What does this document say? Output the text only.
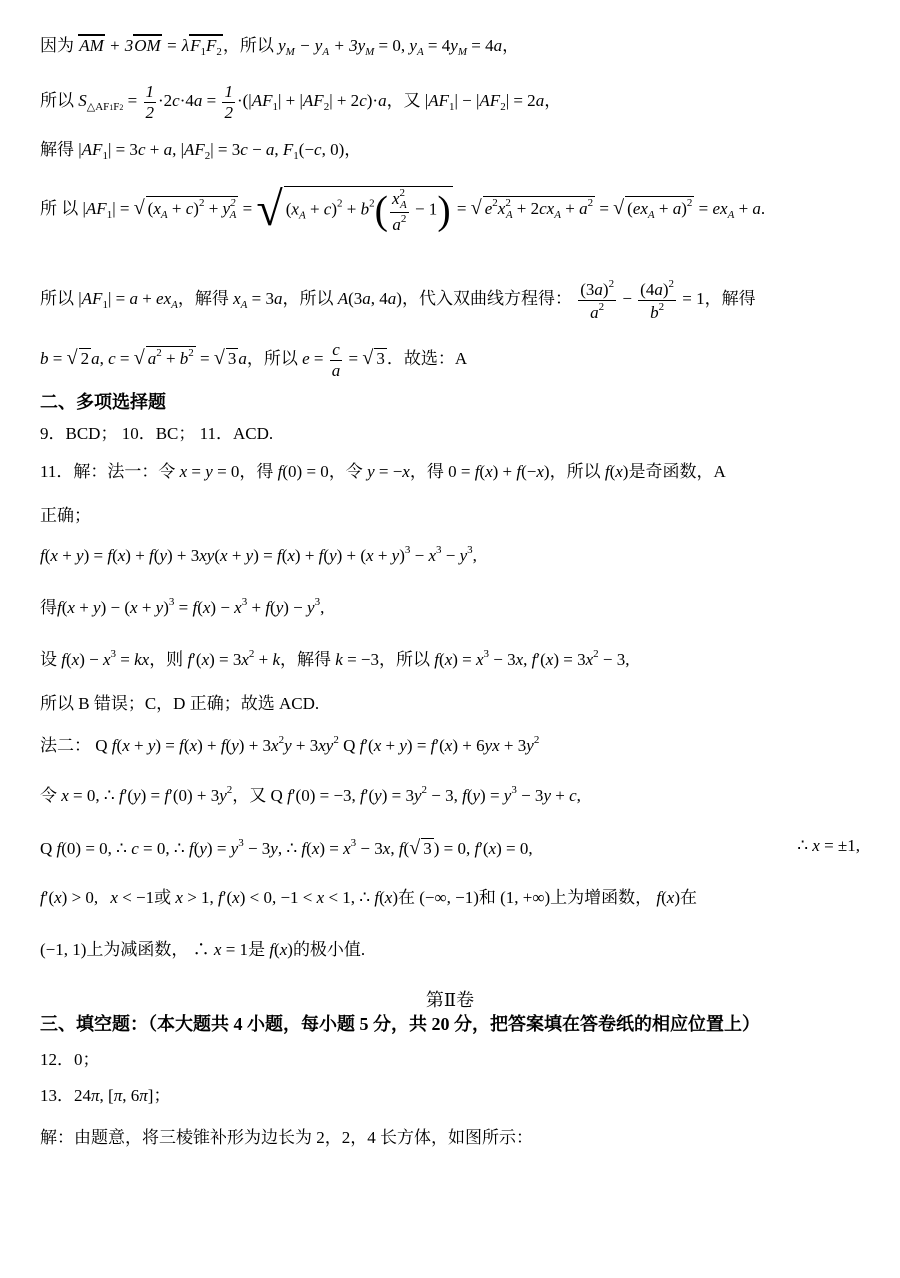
因为 AM + $3OM = \lambda F_1F_2$，所以 $y_M - y_A + 3y_M = 0$, $y_A = 4y_M = 4a$，
所以 $S_{\triangle AF1F2} = \frac{1}{2} \cdot 2c\cdot 4a = \frac{1}{2} \cdot(|AF_1| + |AF_2| + 2c)\cdot a$，又 $|AF_1| - |AF_2| = 2a$，
解得 $|AF_1| = 3c + a$, $|AF_2| = 3c - a$, $F_1(-c$, 0)，
所 以 $|AF_1|$ = √ $(x_A + c)^2 + y^2_A$ = √ $(x_A + c)^2 + b^2( \frac{x^2_A}{a^2} - 1)$ = √ $e^2x^2_A + 2cx_A + a^2$ = √ $(ex_A + a)^2 = ex_A + a$.
所以 $|AF_1| = a + ex_A$，解得 $x_A = 3a$，所以 A(3a, 4a)，代入双曲线方程得： $\frac{(3a)^2}{a^2} - \frac{(4a)^2}{b^2} = 1$，解得
b = √ 2 a, c = √ $a^2 + b^2$ = √ 3 a，所以 $e = \frac{c}{a}$ = √ 3 ．故选：A
二、多项选择题
9．BCD； 10．BC； 11．ACD.
11．解：法一：令 x = y = 0，得 f(0) = 0，令 y = −x，得 0 = f(x) + f(−x)，所以 f(x)是奇函数，A
正确；
$f(x + y) = f(x) + f(y) + 3xy(x + y) = f(x) + f(y) + (x + y)^3 - x^3 - y^3$,
得$f(x + y) - (x + y)^3 = f(x) - x^3 + f(y) - y^3$,
设 $f(x) - x^3$ = kx，则 $f'(x) = 3x^2 + k$，解得 k = −3，所以 $f(x) = x^3 - 3x$, $f'(x) = 3x^2 - 3$,
所以 B 错误；C，D 正确；故选 ACD.
法二： Q $f(x + y) = f(x) + f(y) + 3x^2y + 3xy^2$ Q $f'(x + y) = f'(x) + 6yx + 3y^2$
令 x = 0, ∴ $f'(y) = f'(0) + 3y^2$，又 Q f′(0) = −3, $f'(y) = 3y^2 - 3$, $f(y) = y^3 - 3y + c$,
Q f(0) = 0, ∴ c = 0, ∴ $f(y) = y^3 - 3y$, ∴ $f(x) = x^3 - 3x$, f(√ 3 ) = 0, f′(x) = 0,	∴ x = ±1,
f′(x) > 0, x < −1或 x > 1, f′(x) < 0, −1 < x < 1, ∴ f(x)在 (−∞, −1)和 (1, +∞)上为增函数， f(x)在
(−1, 1)上为减函数， ∴ x = 1是 f(x)的极小值.
第Ⅱ卷
三、填空题：（本大题共 4 小题，每小题 5 分，共 20 分，把答案填在答卷纸的相应位置上）
12．0；
13．24π, [π, 6π]；
解：由题意，将三棱锥补形为边长为 2，2，4 长方体，如图所示：
